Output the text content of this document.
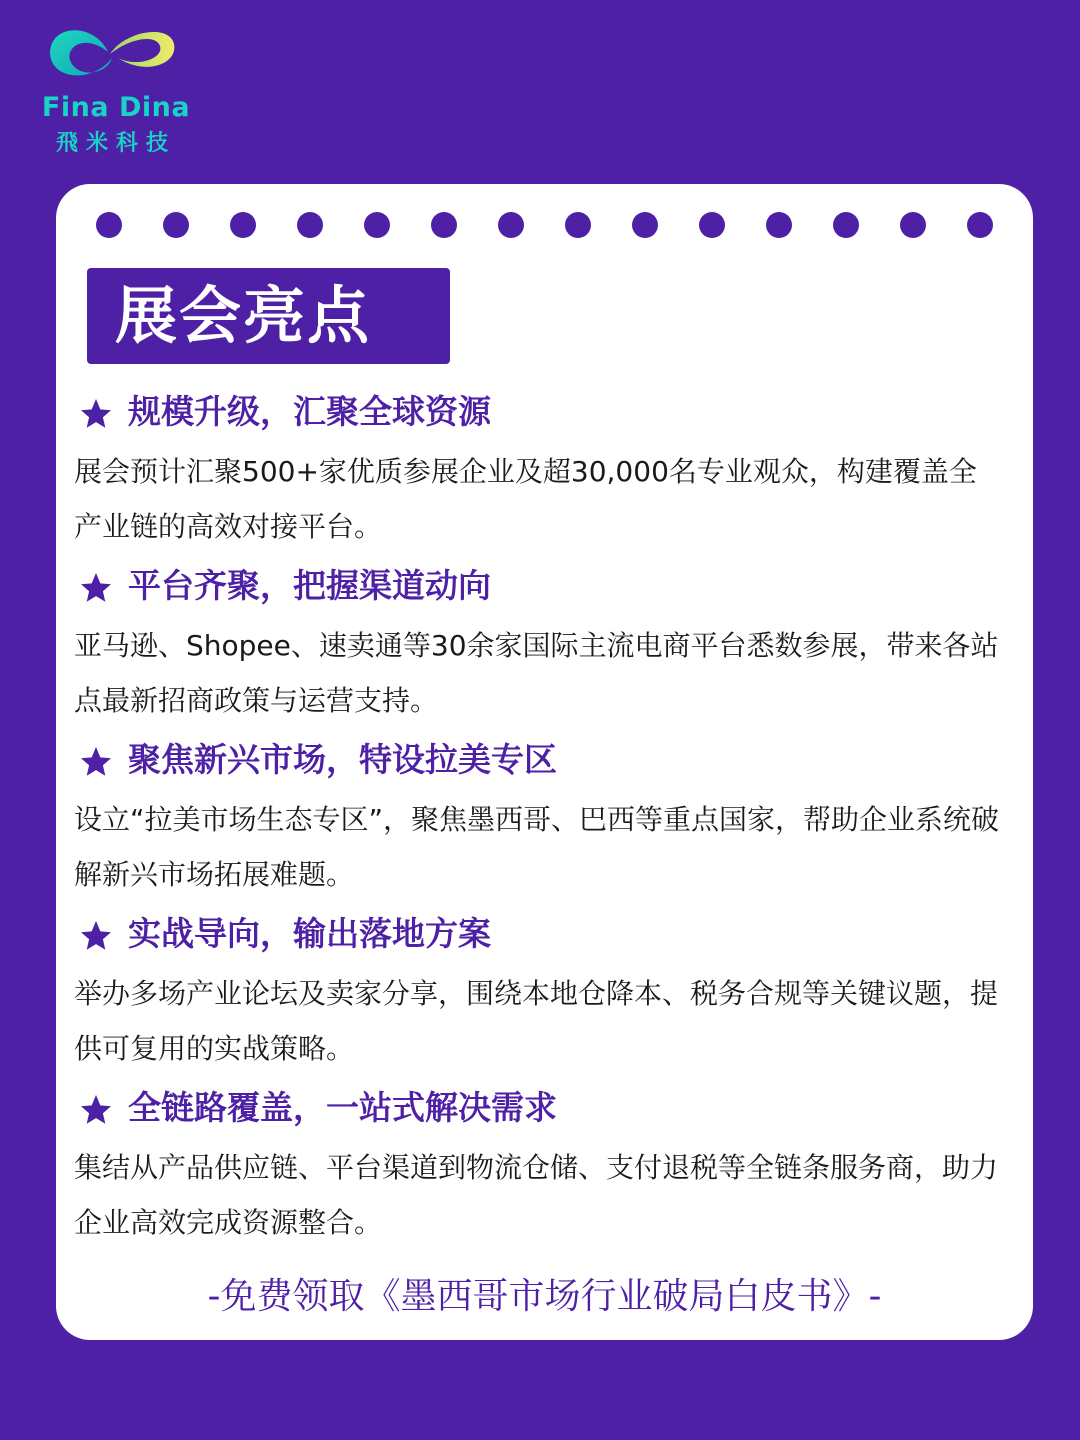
Fina Dina
飛米科技
展会亮点
规模升级，汇聚全球资源
展会预计汇聚500+家优质参展企业及超30,000名专业观众，构建覆盖全产业链的高效对接平台。
平台齐聚，把握渠道动向
亚马逊、Shopee、速卖通等30余家国际主流电商平台悉数参展，带来各站点最新招商政策与运营支持。
聚焦新兴市场，特设拉美专区
设立“拉美市场生态专区”，聚焦墨西哥、巴西等重点国家，帮助企业系统破解新兴市场拓展难题。
实战导向，输出落地方案
举办多场产业论坛及卖家分享，围绕本地仓降本、税务合规等关键议题，提供可复用的实战策略。
全链路覆盖，一站式解决需求
集结从产品供应链、平台渠道到物流仓储、支付退税等全链条服务商，助力企业高效完成资源整合。
-免费领取《墨西哥市场行业破局白皮书》-
